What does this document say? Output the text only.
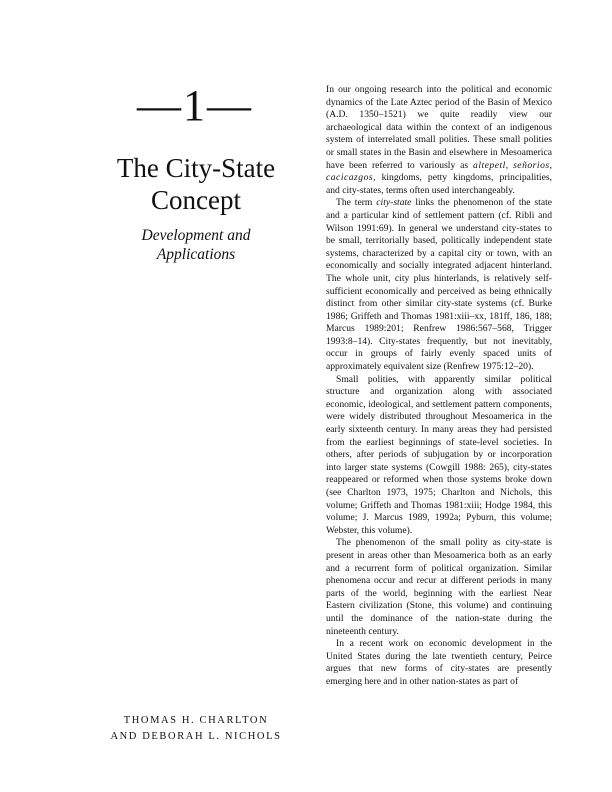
—1—
The City-State
Concept
Development and
Applications
THOMAS H. CHARLTON
AND DEBORAH L. NICHOLS

In our ongoing research into the political and economic dynamics of the Late Aztec period of the Basin of Mexico (A.D. 1350–1521) we quite readily view our archaeological data within the context of an indigenous system of interrelated small polities. These small polities or small states in the Basin and elsewhere in Mesoamerica have been referred to variously as altepetl, señorios, cacicazgos, kingdoms, petty kingdoms, principalities, and city-states, terms often used interchangeably.

The term city-state links the phenomenon of the state and a particular kind of settlement pattern (cf. Ribli and Wilson 1991:69). In general we understand city-states to be small, territorially based, politically independent state systems, characterized by a capital city or town, with an economically and socially integrated adjacent hinterland. The whole unit, city plus hinterlands, is relatively self-sufficient economically and perceived as being ethnically distinct from other similar city-state systems (cf. Burke 1986; Griffeth and Thomas 1981:xiii–xx, 181ff, 186, 188; Marcus 1989:201; Renfrew 1986:567–568, Trigger 1993:8–14). City-states frequently, but not inevitably, occur in groups of fairly evenly spaced units of approximately equivalent size (Renfrew 1975:12–20).

Small polities, with apparently similar political structure and organization along with associated economic, ideological, and settlement pattern components, were widely distributed throughout Mesoamerica in the early sixteenth century. In many areas they had persisted from the earliest beginnings of state-level societies. In others, after periods of subjugation by or incorporation into larger state systems (Cowgill 1988: 265), city-states reappeared or reformed when those systems broke down (see Charlton 1973, 1975; Charlton and Nichols, this volume; Griffeth and Thomas 1981:xiii; Hodge 1984, this volume; J. Marcus 1989, 1992a; Pyburn, this volume; Webster, this volume).

The phenomenon of the small polity as city-state is present in areas other than Mesoamerica both as an early and a recurrent form of political organization. Similar phenomena occur and recur at different periods in many parts of the world, beginning with the earliest Near Eastern civilization (Stone, this volume) and continuing until the dominance of the nation-state during the nineteenth century.

In a recent work on economic development in the United States during the late twentieth century, Peirce argues that new forms of city-states are presently emerging here and in other nation-states as part of
